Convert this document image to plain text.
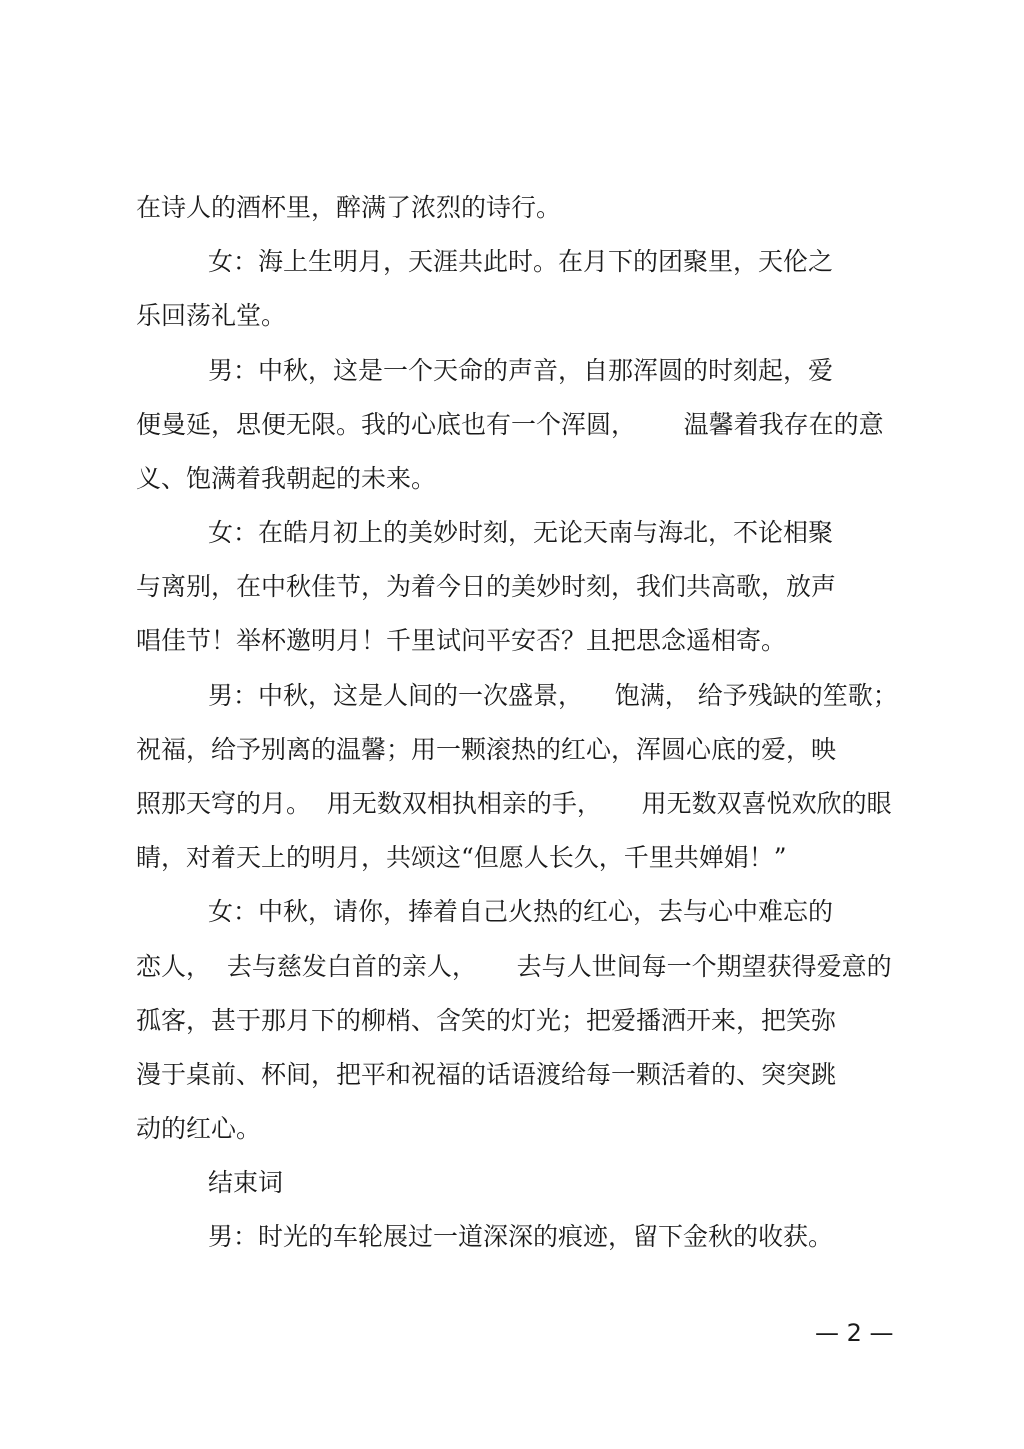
在诗人的酒杯里，醉满了浓烈的诗行。
女：海上生明月，天涯共此时。在月下的团聚里，天伦之
乐回荡礼堂。
男：中秋，这是一个天命的声音，自那浑圆的时刻起，爱
便曼延，思便无限。我的心底也有一个浑圆，      温馨着我存在的意
义、饱满着我朝起的未来。
女：在皓月初上的美妙时刻，无论天南与海北，不论相聚
与离别，在中秋佳节，为着今日的美妙时刻，我们共高歌，放声
唱佳节！举杯邀明月！千里试问平安否？且把思念遥相寄。
男：中秋，这是人间的一次盛景，    饱满， 给予残缺的笙歌；
祝福，给予别离的温馨；用一颗滚热的红心，浑圆心底的爱，映
照那天穹的月。  用无数双相执相亲的手，     用无数双喜悦欢欣的眼
睛，对着天上的明月，共颂这“但愿人长久，千里共婵娟！”
女：中秋，请你，捧着自己火热的红心，去与心中难忘的
恋人，  去与慈发白首的亲人，     去与人世间每一个期望获得爱意的
孤客，甚于那月下的柳梢、含笑的灯光；把爱播洒开来，把笑弥
漫于桌前、杯间，把平和祝福的话语渡给每一颗活着的、突突跳
动的红心。
结束词
男：时光的车轮展过一道深深的痕迹，留下金秋的收获。
— 2 —
